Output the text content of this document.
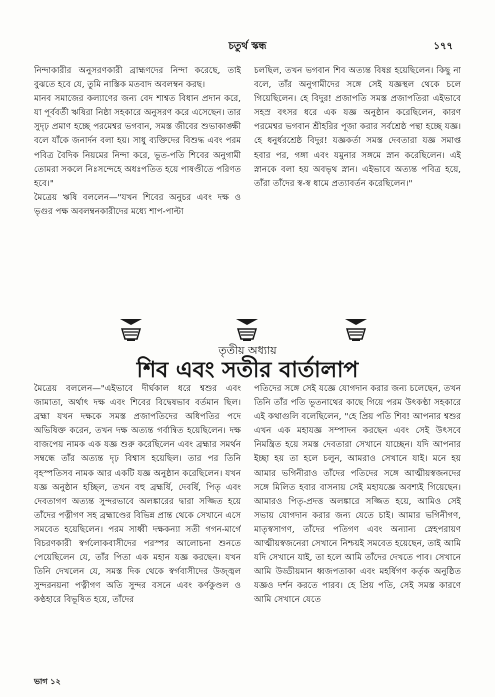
চতুর্থ স্কন্ধ	১৭৭

নিন্দাকারীর অনুসরণকারী ব্রাহ্মণদের নিন্দা করেছে, তাই বুঝতে হবে যে, তুমি নাস্তিক মতবাদ অবলম্বন করছ।
মানব সমাজের কল্যাণের জন্য বেদ শাশ্বত বিধান প্রদান করে, যা পূর্ববর্তী ঋষিরা নিষ্ঠা সহকারে অনুসরণ করে এসেছেন। তার সুদৃঢ় প্রমাণ হচ্ছে পরমেশ্বর ভগবান, সমস্ত জীবের শুভাকাঙ্ক্ষী বলে যাঁকে জনার্দন বলা হয়। সাধু ব্যক্তিদের বিশুদ্ধ এবং পরম পবিত্র বৈদিক নিয়মের নিন্দা করে, ভূত-পতি শিবের অনুগামী তোমরা সকলে নিঃসন্দেহে অধঃপতিত হয়ে পাষণ্ডীতে পরিণত হবে।"
মৈত্রেয় ঋষি বললেন—"যখন শিবের অনুচর এবং দক্ষ ও ভৃগুর পক্ষ অবলম্বনকারীদের মধ্যে শাপ-পাল্টা

চলছিল, তখন ভগবান শিব অত্যন্ত বিষণ্ণ হয়েছিলেন। কিছু না বলে, তাঁর অনুগামীদের সঙ্গে সেই যজ্ঞস্থল থেকে চলে গিয়েছিলেন। হে বিদুর! প্রজাপতি সমস্ত প্রজাপতিরা এইভাবে সহস্র বৎসর ধরে এক যজ্ঞ অনুষ্ঠান করেছিলেন, কারণ পরমেশ্বর ভগবান শ্রীহরির পূজা করার সর্বশ্রেষ্ঠ পন্থা হচ্ছে যজ্ঞ। হে ধনুর্ধরশ্রেষ্ঠ বিদুর! যজ্ঞকর্তা সমস্ত দেবতারা যজ্ঞ সমাপ্ত হবার পর, গঙ্গা এবং যমুনার সঙ্গমে স্নান করেছিলেন। এই স্নানকে বলা হয় অবভৃথ স্নান। এইভাবে অত্যন্ত পবিত্র হয়ে, তাঁরা তাঁদের স্ব-স্ব ধামে প্রত্যাবর্তন করেছিলেন।"

তৃতীয় অধ্যায়
শিব এবং সতীর বার্তালাপ

মৈত্রেয় বললেন—"এইভাবে দীর্ঘকাল ধরে শ্বশুর এবং জামাতা, অর্থাৎ দক্ষ এবং শিবের বিদ্বেষভাব বর্তমান ছিল। ব্রহ্মা যখন দক্ষকে সমস্ত প্রজাপতিদের অধিপতির পদে অভিষিক্ত করেন, তখন দক্ষ অত্যন্ত গর্বান্বিত হয়েছিলেন। দক্ষ বাজপেয় নামক এক যজ্ঞ শুরু করেছিলেন এবং ব্রহ্মার সমর্থন সম্বন্ধে তাঁর অত্যন্ত দৃঢ় বিশ্বাস হয়েছিল। তার পর তিনি বৃহস্পতিসব নামক আর একটি যজ্ঞ অনুষ্ঠান করেছিলেন। যখন যজ্ঞ অনুষ্ঠান হচ্ছিল, তখন বহু ব্রহ্মর্ষি, দেবর্ষি, পিতৃ এবং দেবতাগণ অত্যন্ত সুন্দরভাবে অলঙ্কারের দ্বারা সজ্জিত হয়ে তাঁদের পত্নীগণ সহ ব্রহ্মাণ্ডের বিভিন্ন প্রান্ত থেকে সেখানে এসে সমবেত হয়েছিলেন। পরম সাধ্বী দক্ষকন্যা সতী গগন-মার্গে বিচরণকারী স্বর্গলোকবাসীদের পরস্পর আলোচনা শুনতে পেয়েছিলেন যে, তাঁর পিতা এক মহান যজ্ঞ করছেন। যখন তিনি দেখলেন যে, সমস্ত দিক থেকে স্বর্গবাসীদের উজ্জ্বল সুন্দরনয়না পত্নীগণ অতি সুন্দর বসনে এবং কর্ণকুণ্ডল ও কণ্ঠহারে বিভূষিত হয়ে, তাঁদের

পতিদের সঙ্গে সেই যজ্ঞে যোগদান করার জন্য চলেছেন, তখন তিনি তাঁর পতি ভূতনাথের কাছে গিয়ে পরম উৎকণ্ঠা সহকারে এই কথাগুলি বলেছিলেন, "হে প্রিয় পতি শিব! আপনার শ্বশুর এখন এক মহাযজ্ঞ সম্পাদন করছেন এবং সেই উৎসবে নিমন্ত্রিত হয়ে সমস্ত দেবতারা সেখানে যাচ্ছেন। যদি আপনার ইচ্ছা হয় তা হলে চলুন, আমরাও সেখানে যাই। মনে হয় আমার ভগিনীরাও তাঁদের পতিদের সঙ্গে আত্মীয়স্বজনদের সঙ্গে মিলিত হবার বাসনায় সেই মহাযজ্ঞে অবশ্যই গিয়েছেন। আমারও পিতৃ-প্রদত্ত অলঙ্কারে সজ্জিত হয়ে, আমিও সেই সভায় যোগদান করার জন্য যেতে চাই। আমার ভগিনীগণ, মাতৃস্বসাগণ, তাঁদের পতিগণ এবং অন্যান্য স্নেহপরায়ণ আত্মীয়স্বজনেরা সেখানে নিশ্চয়ই সমবেত হয়েছেন, তাই আমি যদি সেখানে যাই, তা হলে আমি তাঁদের দেখতে পাব। সেখানে আমি উড্ডীয়মান ধ্বজপতাকা এবং মহর্ষিগণ কর্তৃক অনুষ্ঠিত যজ্ঞও দর্শন করতে পারব। হে প্রিয় পতি, সেই সমস্ত কারণে আমি সেখানে যেতে

ভাগ ১২
